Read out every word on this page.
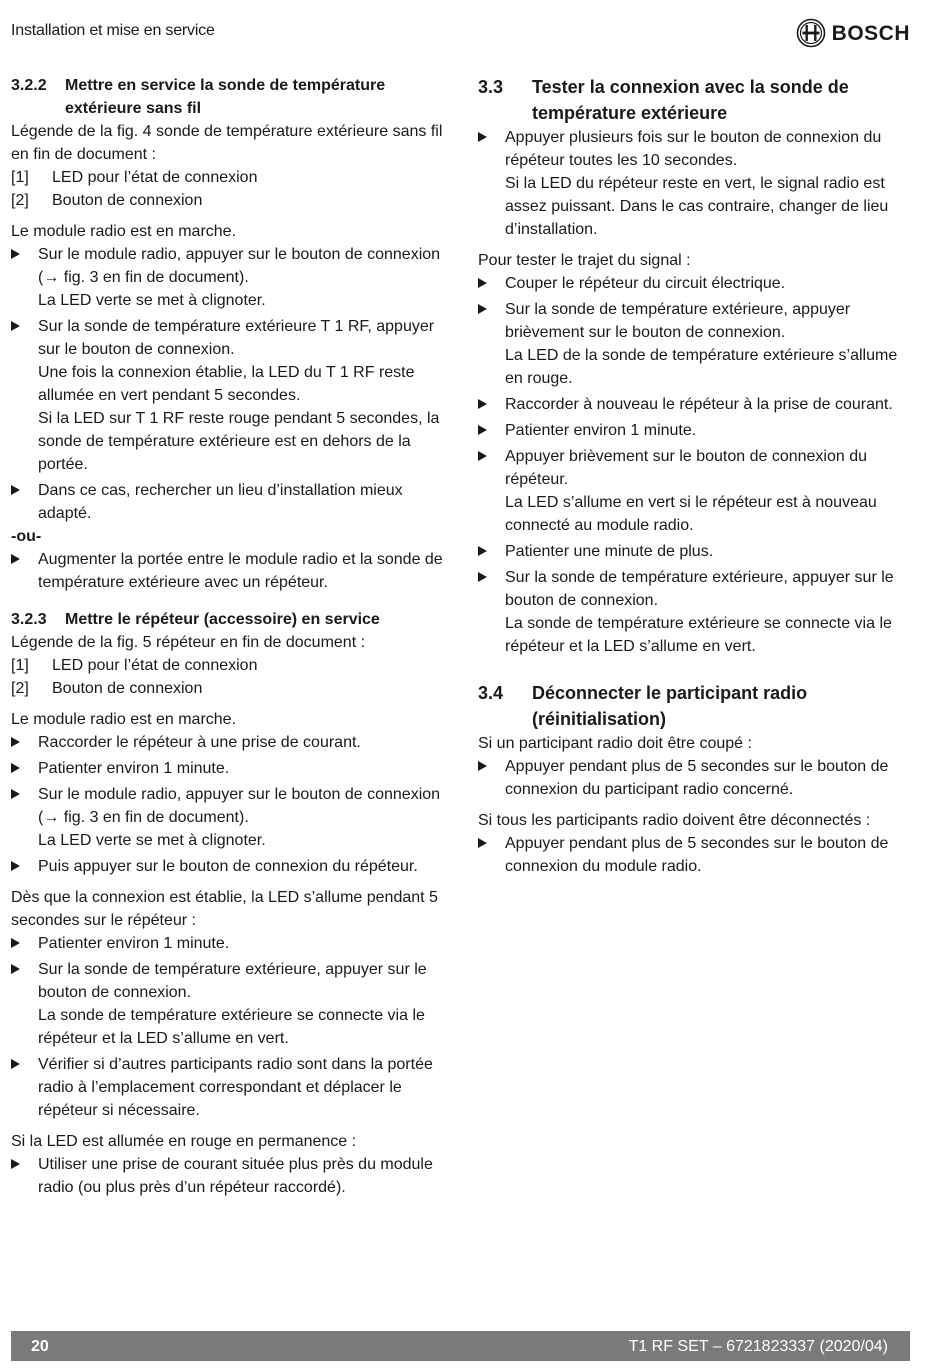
Installation et mise en service	BOSCH
3.2.2	Mettre en service la sonde de température extérieure sans fil

Légende de la fig. 4 sonde de température extérieure sans fil en fin de document :

[1]	LED pour l’état de connexion
[2]	Bouton de connexion

Le module radio est en marche.

Sur le module radio, appuyer sur le bouton de connexion (→ fig. 3 en fin de document).
La LED verte se met à clignoter.
Sur la sonde de température extérieure T 1 RF, appuyer sur le bouton de connexion.
Une fois la connexion établie, la LED du T 1 RF reste allumée en vert pendant 5 secondes.
Si la LED sur T 1 RF reste rouge pendant 5 secondes, la sonde de température extérieure est en dehors de la portée.
Dans ce cas, rechercher un lieu d’installation mieux adapté.

-ou-

Augmenter la portée entre le module radio et la sonde de température extérieure avec un répéteur.
3.2.3	Mettre le répéteur (accessoire) en service

Légende de la fig. 5 répéteur en fin de document :

[1]	LED pour l’état de connexion
[2]	Bouton de connexion

Le module radio est en marche.

Raccorder le répéteur à une prise de courant.
Patienter environ 1 minute.
Sur le module radio, appuyer sur le bouton de connexion (→ fig. 3 en fin de document).
La LED verte se met à clignoter.
Puis appuyer sur le bouton de connexion du répéteur.

Dès que la connexion est établie, la LED s’allume pendant 5 secondes sur le répéteur :

Patienter environ 1 minute.
Sur la sonde de température extérieure, appuyer sur le bouton de connexion.
La sonde de température extérieure se connecte via le répéteur et la LED s’allume en vert.
Vérifier si d’autres participants radio sont dans la portée radio à l’emplacement correspondant et déplacer le répéteur si nécessaire.

Si la LED est allumée en rouge en permanence :

Utiliser une prise de courant située plus près du module radio (ou plus près d’un répéteur raccordé).
3.3	Tester la connexion avec la sonde de température extérieure
Appuyer plusieurs fois sur le bouton de connexion du répéteur toutes les 10 secondes.
Si la LED du répéteur reste en vert, le signal radio est assez puissant. Dans le cas contraire, changer de lieu d’installation.

Pour tester le trajet du signal :

Couper le répéteur du circuit électrique.
Sur la sonde de température extérieure, appuyer brièvement sur le bouton de connexion.
La LED de la sonde de température extérieure s’allume en rouge.
Raccorder à nouveau le répéteur à la prise de courant.
Patienter environ 1 minute.
Appuyer brièvement sur le bouton de connexion du répéteur.
La LED s’allume en vert si le répéteur est à nouveau connecté au module radio.
Patienter une minute de plus.
Sur la sonde de température extérieure, appuyer sur le bouton de connexion.
La sonde de température extérieure se connecte via le répéteur et la LED s’allume en vert.
3.4	Déconnecter le participant radio (réinitialisation)

Si un participant radio doit être coupé :

Appuyer pendant plus de 5 secondes sur le bouton de connexion du participant radio concerné.

Si tous les participants radio doivent être déconnectés :

Appuyer pendant plus de 5 secondes sur le bouton de connexion du module radio.
20	T1 RF SET – 6721823337 (2020/04)
